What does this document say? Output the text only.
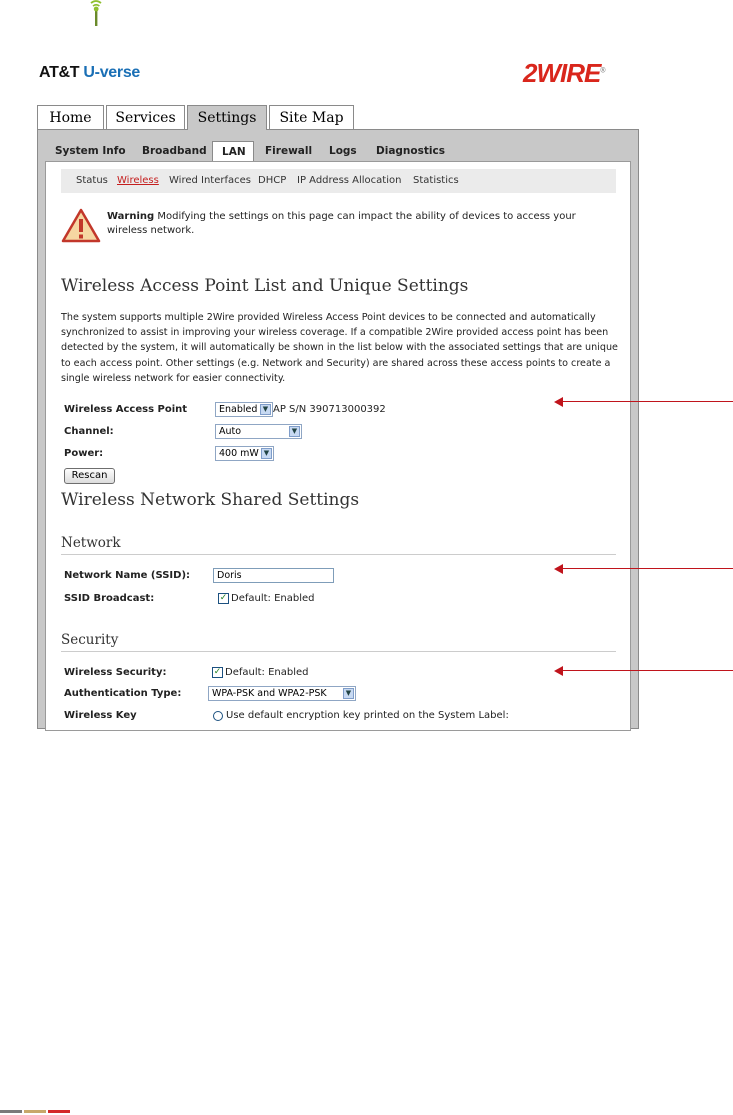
AT&T U-verse	2WIRE®
Home	Services	Settings	Site Map
System Info Broadband	LAN	Firewall Logs Diagnostics
Status Wireless Wired Interfaces DHCP IP Address Allocation Statistics
Warning Modifying the settings on this page can impact the ability of devices to access your wireless network.
Wireless Access Point List and Unique Settings
The system supports multiple 2Wire provided Wireless Access Point devices to be connected and automatically synchronized to assist in improving your wireless coverage. If a compatible 2Wire provided access point has been detected by the system, it will automatically be shown in the list below with the associated settings that are unique to each access point. Other settings (e.g. Network and Security) are shared across these access points to create a single wireless network for easier connectivity.
Wireless Access Point	Enabled ▼ AP S/N 390713000392
Channel:	Auto	▼
Power:	400 mW ▼
Rescan
Wireless Network Shared Settings
Network
Network Name (SSID):	Doris
SSID Broadcast:	✓ Default: Enabled
Security
Wireless Security:	✓ Default: Enabled
Authentication Type:	WPA-PSK and WPA2-PSK	▼
Wireless Key	Use default encryption key printed on the System Label:
